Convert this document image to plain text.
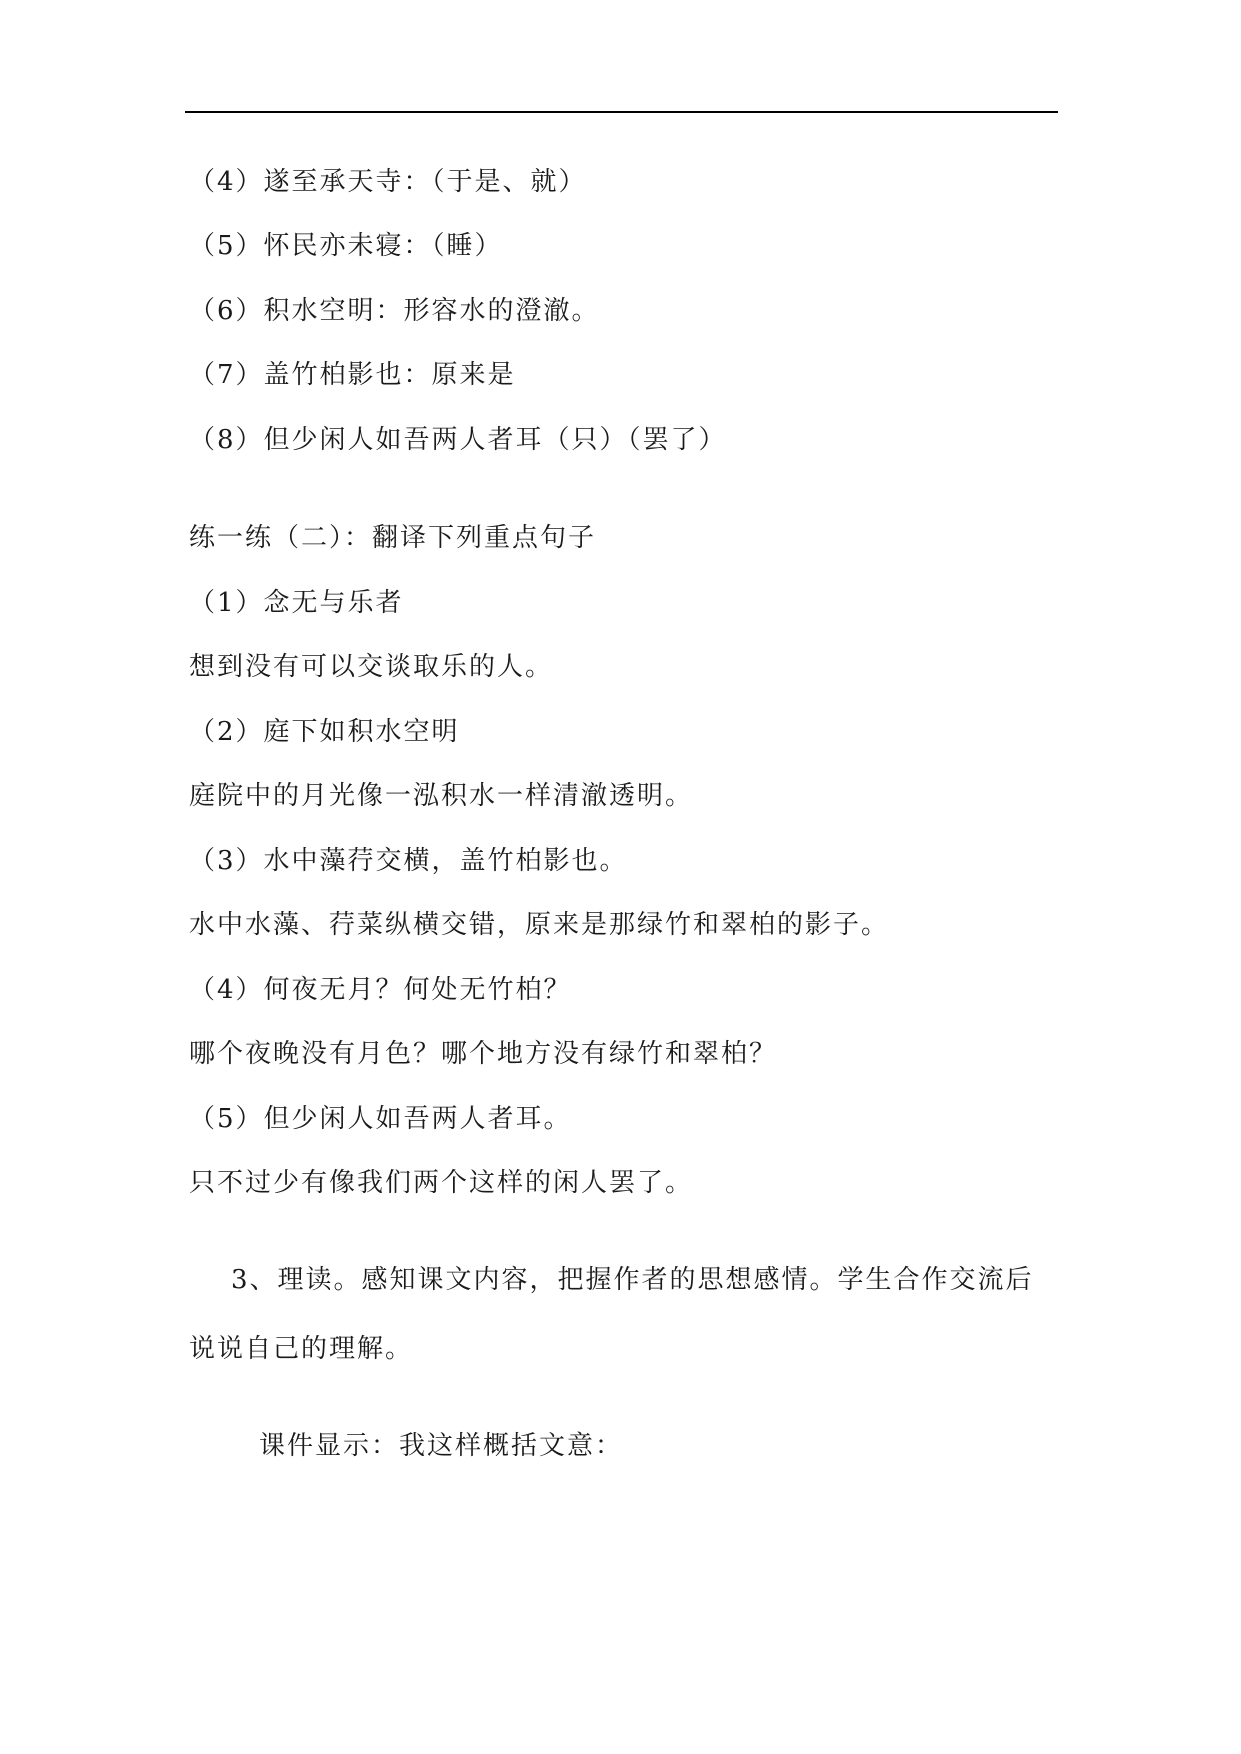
（4）遂至承天寺：（于是、就）
（5）怀民亦未寝：（睡）
（6）积水空明：形容水的澄澈。
（7）盖竹柏影也：原来是
（8）但少闲人如吾两人者耳（只）（罢了）
练一练（二）：翻译下列重点句子
（1）念无与乐者
想到没有可以交谈取乐的人。
（2）庭下如积水空明
庭院中的月光像一泓积水一样清澈透明。
（3）水中藻荇交横，盖竹柏影也。
水中水藻、荇菜纵横交错，原来是那绿竹和翠柏的影子。
（4）何夜无月？何处无竹柏？
哪个夜晚没有月色？哪个地方没有绿竹和翠柏？
（5）但少闲人如吾两人者耳。
只不过少有像我们两个这样的闲人罢了。
3、理读。感知课文内容，把握作者的思想感情。学生合作交流后
说说自己的理解。
课件显示：我这样概括文意：
